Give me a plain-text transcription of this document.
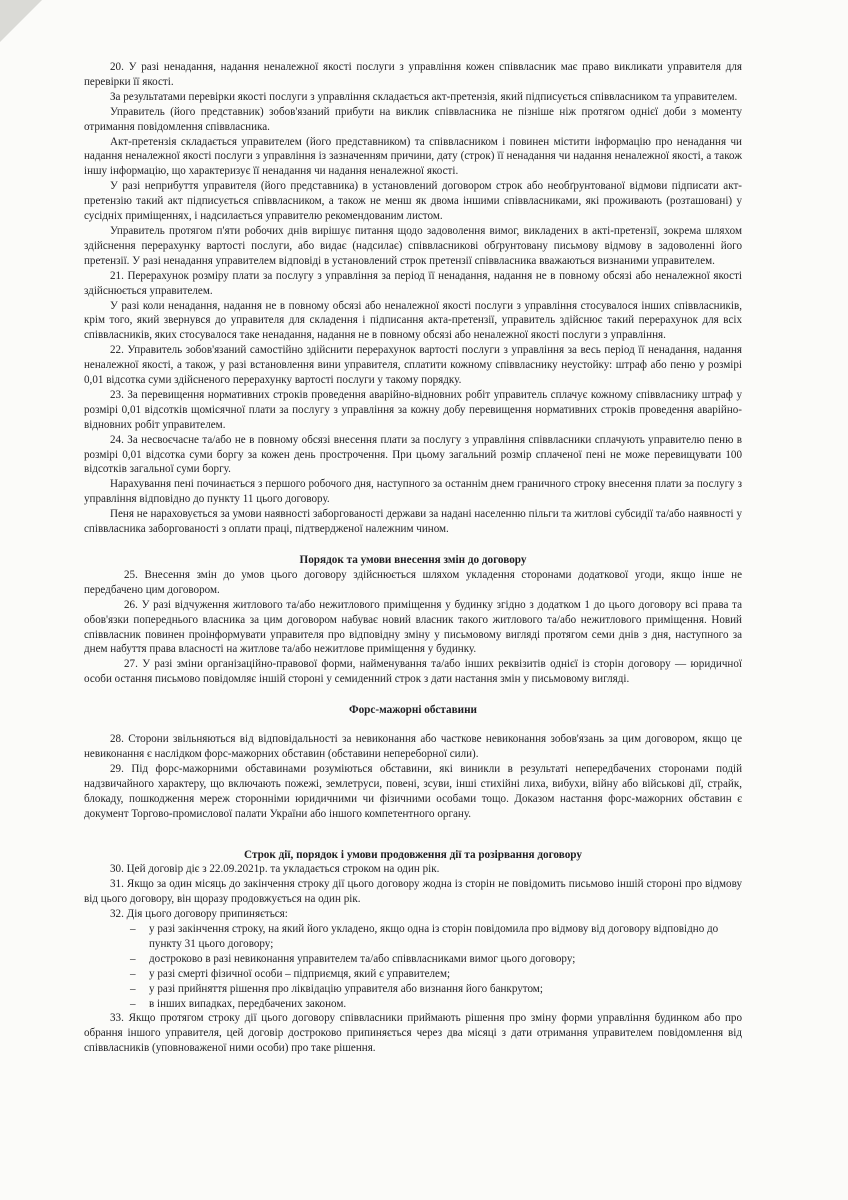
20. У разі ненадання, надання неналежної якості послуги з управління кожен співвласник має право викликати управителя для перевірки її якості.

За результатами перевірки якості послуги з управління складається акт-претензія, який підписується співвласником та управителем.

Управитель (його представник) зобов'язаний прибути на виклик співвласника не пізніше ніж протягом однієї доби з моменту отримання повідомлення співвласника.

Акт-претензія складається управителем (його представником) та співвласником і повинен містити інформацію про ненадання чи надання неналежної якості послуги з управління із зазначенням причини, дату (строк) її ненадання чи надання неналежної якості, а також іншу інформацію, що характеризує її ненадання чи надання неналежної якості.

У разі неприбуття управителя (його представника) в установлений договором строк або необґрунтованої відмови підписати акт-претензію такий акт підписується співвласником, а також не менш як двома іншими співвласниками, які проживають (розташовані) у сусідніх приміщеннях, і надсилається управителю рекомендованим листом.

Управитель протягом п'яти робочих днів вирішує питання щодо задоволення вимог, викладених в акті-претензії, зокрема шляхом здійснення перерахунку вартості послуги, або видає (надсилає) співвласникові обґрунтовану письмову відмову в задоволенні його претензії. У разі ненадання управителем відповіді в установлений строк претензії співвласника вважаються визнаними управителем.

21. Перерахунок розміру плати за послугу з управління за період її ненадання, надання не в повному обсязі або неналежної якості здійснюється управителем.

У разі коли ненадання, надання не в повному обсязі або неналежної якості послуги з управління стосувалося інших співвласників, крім того, який звернувся до управителя для складення і підписання акта-претензії, управитель здійснює такий перерахунок для всіх співвласників, яких стосувалося таке ненадання, надання не в повному обсязі або неналежної якості послуги з управління.

22. Управитель зобов'язаний самостійно здійснити перерахунок вартості послуги з управління за весь період її ненадання, надання неналежної якості, а також, у разі встановлення вини управителя, сплатити кожному співвласнику неустойку: штраф або пеню у розмірі 0,01 відсотка суми здійсненого перерахунку вартості послуги у такому порядку.

23. За перевищення нормативних строків проведення аварійно-відновних робіт управитель сплачує кожному співвласнику штраф у розмірі 0,01 відсотків щомісячної плати за послугу з управління за кожну добу перевищення нормативних строків проведення аварійно-відновних робіт управителем.

24. За несвоєчасне та/або не в повному обсязі внесення плати за послугу з управління співвласники сплачують управителю пеню в розмірі 0,01 відсотка суми боргу за кожен день прострочення. При цьому загальний розмір сплаченої пені не може перевищувати 100 відсотків загальної суми боргу.

Нарахування пені починається з першого робочого дня, наступного за останнім днем граничного строку внесення плати за послугу з управління відповідно до пункту 11 цього договору.

Пеня не нараховується за умови наявності заборгованості держави за надані населенню пільги та житлові субсидії та/або наявності у співвласника заборгованості з оплати праці, підтвердженої належним чином.

Порядок та умови внесення змін до договору

25. Внесення змін до умов цього договору здійснюється шляхом укладення сторонами додаткової угоди, якщо інше не передбачено цим договором.

26. У разі відчуження житлового та/або нежитлового приміщення у будинку згідно з додатком 1 до цього договору всі права та обов'язки попереднього власника за цим договором набуває новий власник такого житлового та/або нежитлового приміщення. Новий співвласник повинен проінформувати управителя про відповідну зміну у письмовому вигляді протягом семи днів з дня, наступного за днем набуття права власності на житлове та/або нежитлове приміщення у будинку.

27. У разі зміни організаційно-правової форми, найменування та/або інших реквізитів однієї із сторін договору — юридичної особи остання письмово повідомляє іншій стороні у семиденний строк з дати настання змін у письмовому вигляді.

Форс-мажорні обставини

28. Сторони звільняються від відповідальності за невиконання або часткове невиконання зобов'язань за цим договором, якщо це невиконання є наслідком форс-мажорних обставин (обставини непереборної сили).

29. Під форс-мажорними обставинами розуміються обставини, які виникли в результаті непередбачених сторонами подій надзвичайного характеру, що включають пожежі, землетруси, повені, зсуви, інші стихійні лиха, вибухи, війну або військові дії, страйк, блокаду, пошкодження мереж сторонніми юридичними чи фізичними особами тощо. Доказом настання форс-мажорних обставин є документ Торгово-промислової палати України або іншого компетентного органу.

Строк дії, порядок і умови продовження дії та розірвання договору

30. Цей договір діє з 22.09.2021р. та укладається строком на один рік.

31. Якщо за один місяць до закінчення строку дії цього договору жодна із сторін не повідомить письмово іншій стороні про відмову від цього договору, він щоразу продовжується на один рік.

32. Дія цього договору припиняється:

– у разі закінчення строку, на який його укладено, якщо одна із сторін повідомила про відмову від договору відповідно до пункту 31 цього договору;
– достроково в разі невиконання управителем та/або співвласниками вимог цього договору;
– у разі смерті фізичної особи – підприємця, який є управителем;
– у разі прийняття рішення про ліквідацію управителя або визнання його банкрутом;
– в інших випадках, передбачених законом.

33. Якщо протягом строку дії цього договору співвласники приймають рішення про зміну форми управління будинком або про обрання іншого управителя, цей договір достроково припиняється через два місяці з дати отримання управителем повідомлення від співвласників (уповноваженої ними особи) про таке рішення.
